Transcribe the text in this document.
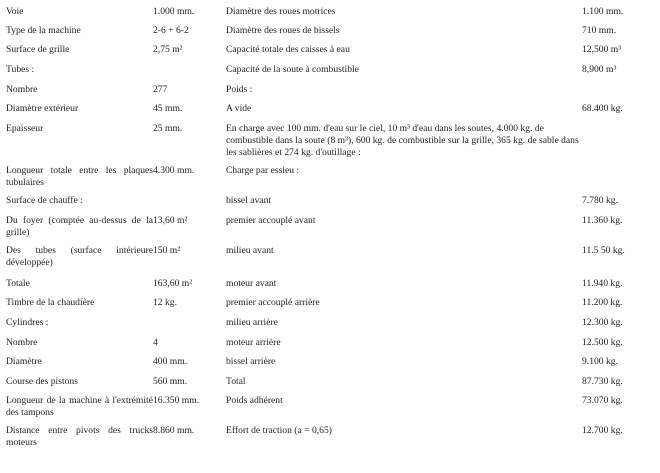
Voie	1.000 mm.	Diamètre des roues motrices	1.100 mm.
Type de la machine	2-6 + 6-2	Diamètre des roues de bissels	710 mm.
Surface de grille	2,75 m²	Capacité totale des caisses à eau	12,500 m³
Tubes :		Capacité de la soute à combustible	8,900 m³
Nombre	277	Poids :	
Diamètre extérieur	45 mm.	A vide	68.400 kg.
Epaisseur	25 mm.	En charge avec 100 mm. d'eau sur le ciel, 10 m³ d'eau dans les soutes, 4.000 kg. de combustible dans la soute (8 m³), 600 kg. de combustible sur la grille, 365 kg. de sable dans les sablières et 274 kg. d'outillage :	
Longueur totale entre les plaques tubulaires	4.300 mm.	Charge par essieu :	
Surface de chauffe :		bissel avant	7.780 kg.
Du foyer (comptée au-dessus de la grille)	13,60 m²	premier accouplé avant	11.360 kg.
Des tubes (surface intérieure développée)	150 m²	milieu avant	11.5 50 kg.
Totale	163,60 m²	moteur avant	11.940 kg.
Timbre de la chaudière	12 kg.	premier accouplé arrière	11.200 kg.
Cylindres :		milieu arrière	12.300 kg.
Nombre	4	moteur arrière	12.500 kg.
Diamètre	400 mm.	bissel arrière	9.100 kg.
Course des pistons	560 mm.	Total	87.730 kg.
Longueur de la machine à l'extrémité des tampons	16.350 mm.	Poids adhérent	73.070 kg.
Distance entre pivots des trucks moteurs	8.860 mm.	Effort de traction (a = 0,65)	12.700 kg.
